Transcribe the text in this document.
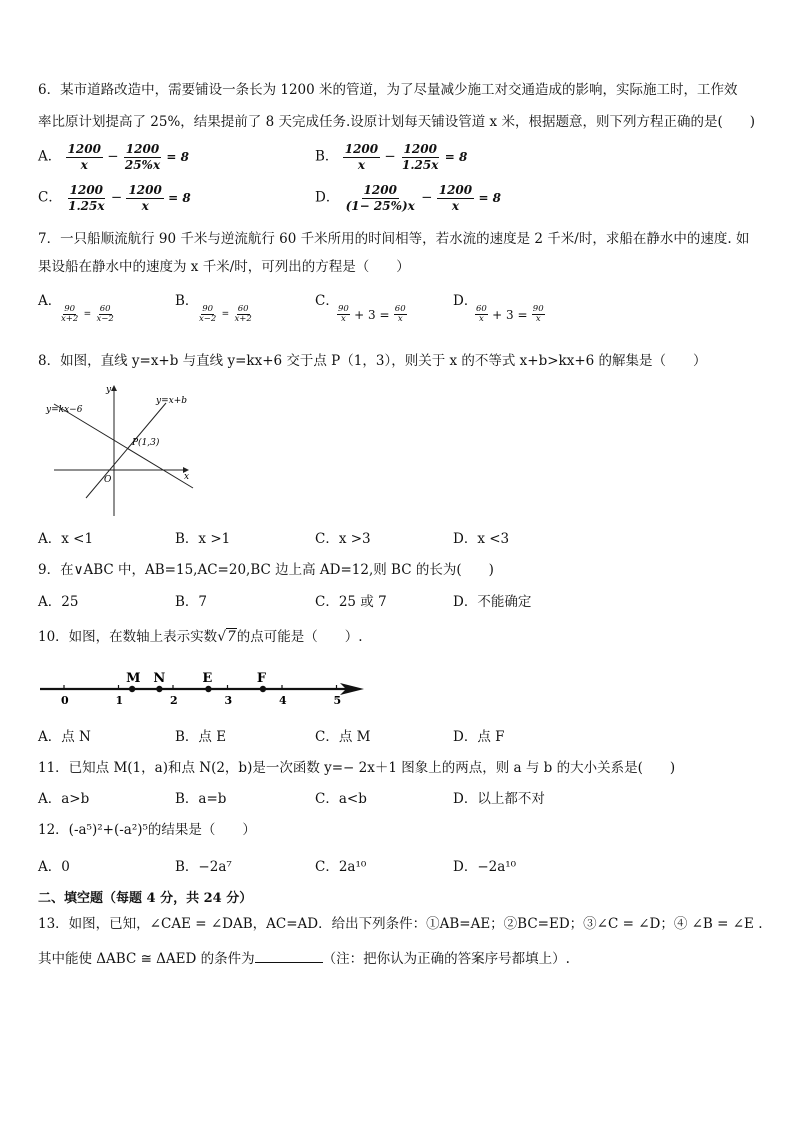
6．某市道路改造中，需要铺设一条长为 1200 米的管道，为了尽量减少施工对交通造成的影响，实际施工时，工作效
率比原计划提高了 25%，结果提前了 8 天完成任务.设原计划每天铺设管道 x 米，根据题意，则下列方程正确的是(　　)
A． $\frac{1200}{x} - \frac{1200}{25\%x} = 8$	B． $\frac{1200}{x} - \frac{1200}{1.25x} = 8$
C． $\frac{1200}{1.25x} - \frac{1200}{x} = 8$	D． $\frac{1200}{(1- 25\%)x} - \frac{1200}{x} = 8$
7．一只船顺流航行 90 千米与逆流航行 60 千米所用的时间相等，若水流的速度是 2 千米/时，求船在静水中的速度. 如
果设船在静水中的速度为 x 千米/时，可列出的方程是（　　）
A．
$\frac{90}{x+2} = \frac{60}{x-2}$
B．
$\frac{90}{x-2} = \frac{60}{x+2}$
C．
$\frac{90}{x} + 3 = \frac{60}{x}$
D．
$\frac{60}{x} + 3 = \frac{90}{x}$
8．如图，直线 y=x+b 与直线 y=kx+6 交于点 P（1，3），则关于 x 的不等式 x+b>kx+6 的解集是（　　）
y
x
y=kx−6
y=x+b
P(1,3)
O
A．x <1	B．x >1	C．x >3	D．x <3
9．在∨ABC 中，AB=15,AC=20,BC 边上高 AD=12,则 BC 的长为(　　)
A．25	B．7	C．25 或 7	D．不能确定
10．如图，在数轴上表示实数√7的点可能是（　　）.
0	1	2	3	4	5
M N	E	F
A．点 N	B．点 E	C．点 M	D．点 F
11．已知点 M(1，a)和点 N(2，b)是一次函数 y=− 2x＋1 图象上的两点，则 a 与 b 的大小关系是(　　)
A．a>b	B．a=b	C．a<b	D．以上都不对
12．(-a⁵)²+(-a²)⁵的结果是（　　）
A．0	B．−2a⁷	C．2a¹⁰	D．−2a¹⁰
二、填空题（每题 4 分，共 24 分）
13．如图，已知，∠CAE = ∠DAB，AC=AD．给出下列条件：①AB=AE；②BC=ED；③∠C = ∠D；④ ∠B = ∠E .
其中能使 ΔABC ≅ ΔAED 的条件为	（注：把你认为正确的答案序号都填上）.
